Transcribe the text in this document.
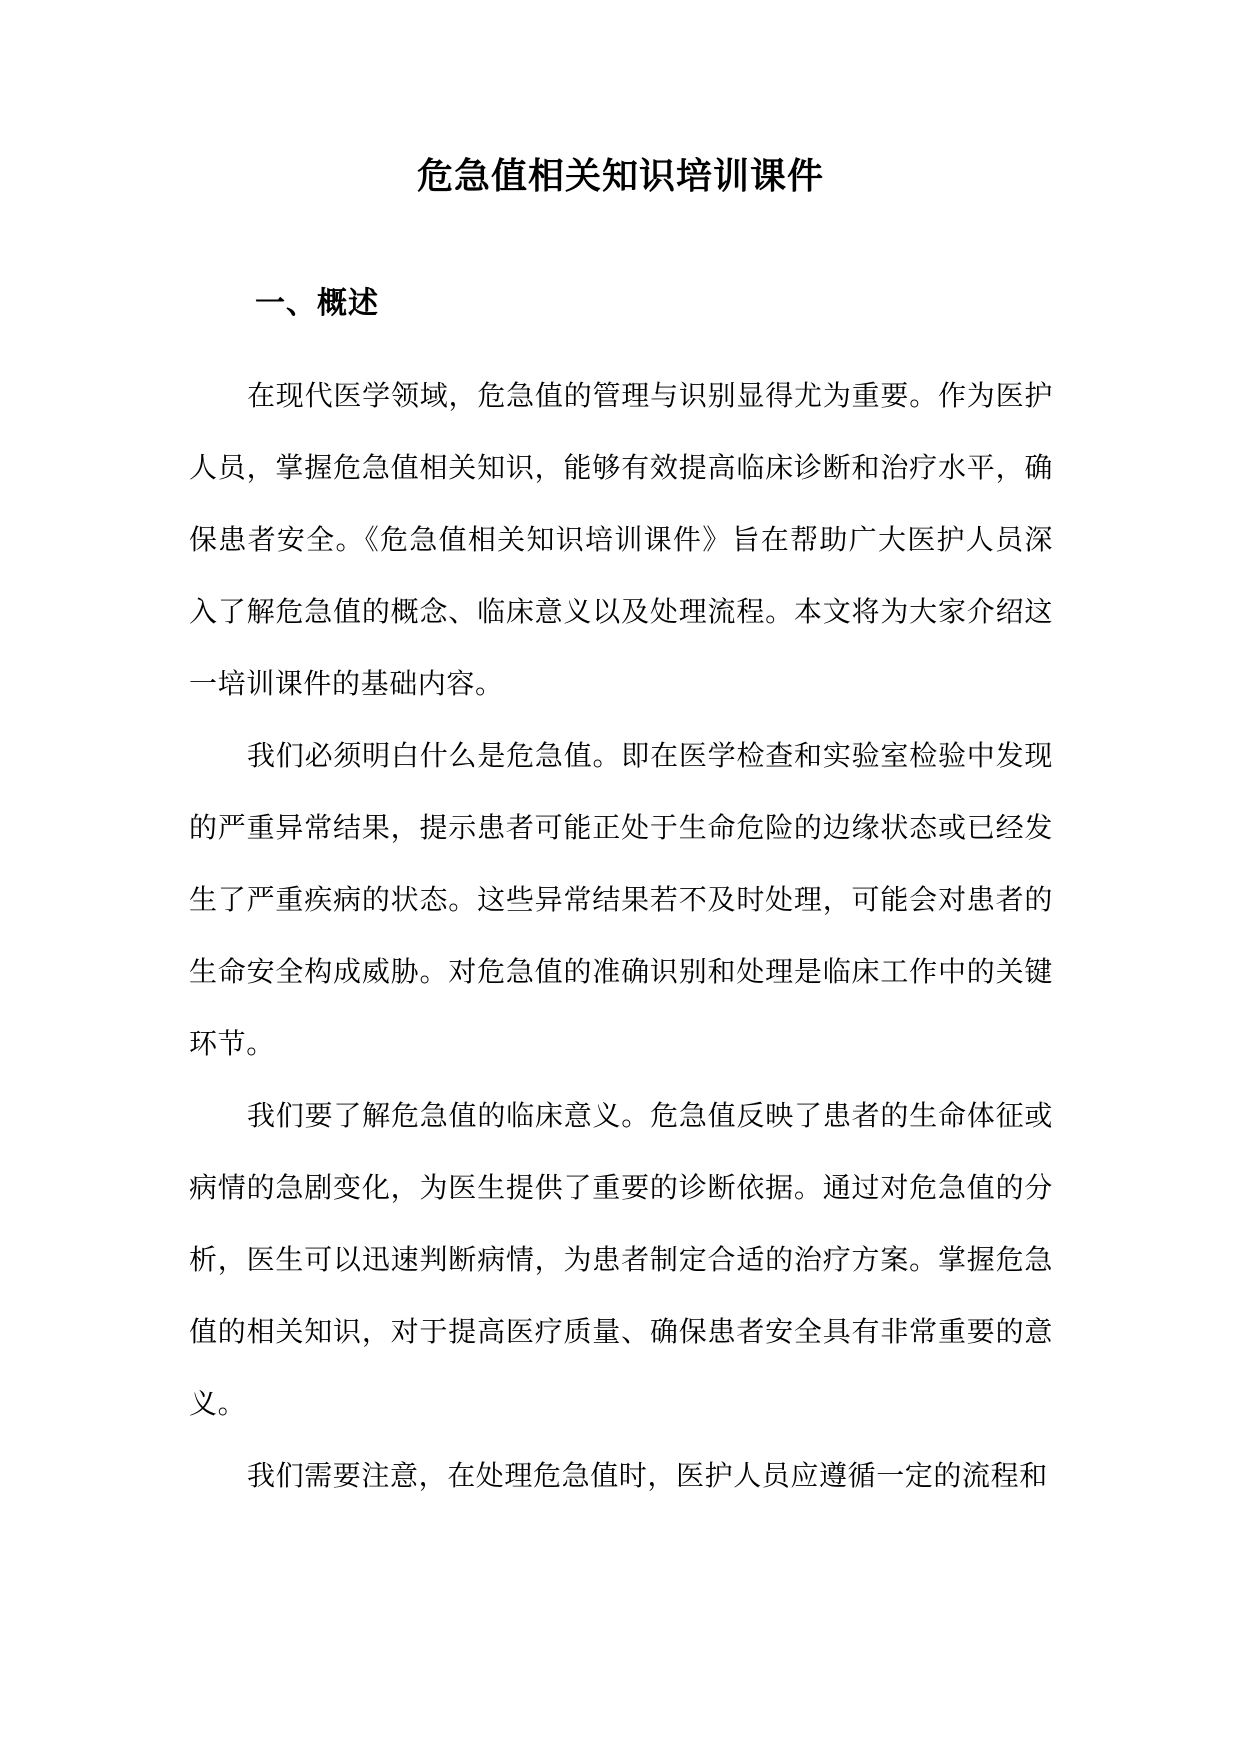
危急值相关知识培训课件
一、概述

在现代医学领域，危急值的管理与识别显得尤为重要。作为医护人员，掌握危急值相关知识，能够有效提高临床诊断和治疗水平，确保患者安全。《危急值相关知识培训课件》旨在帮助广大医护人员深入了解危急值的概念、临床意义以及处理流程。本文将为大家介绍这一培训课件的基础内容。

我们必须明白什么是危急值。即在医学检查和实验室检验中发现的严重异常结果，提示患者可能正处于生命危险的边缘状态或已经发生了严重疾病的状态。这些异常结果若不及时处理，可能会对患者的生命安全构成威胁。对危急值的准确识别和处理是临床工作中的关键环节。

我们要了解危急值的临床意义。危急值反映了患者的生命体征或病情的急剧变化，为医生提供了重要的诊断依据。通过对危急值的分析，医生可以迅速判断病情，为患者制定合适的治疗方案。掌握危急值的相关知识，对于提高医疗质量、确保患者安全具有非常重要的意义。

我们需要注意，在处理危急值时，医护人员应遵循一定的流程和
